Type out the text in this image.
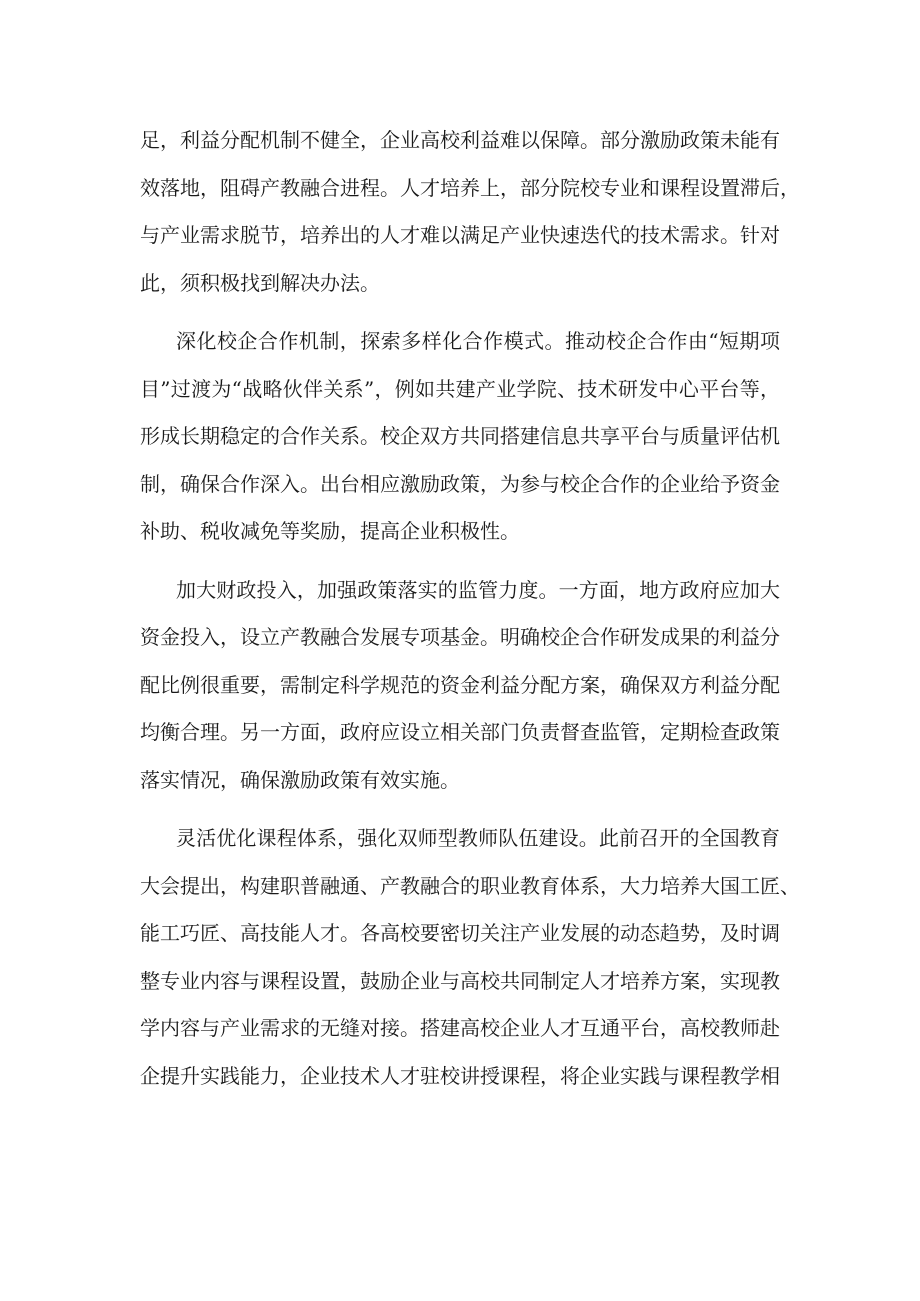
足，利益分配机制不健全，企业高校利益难以保障。部分激励政策未能有
效落地，阻碍产教融合进程。人才培养上，部分院校专业和课程设置滞后，
与产业需求脱节，培养出的人才难以满足产业快速迭代的技术需求。针对
此，须积极找到解决办法。
深化校企合作机制，探索多样化合作模式。推动校企合作由“短期项
目”过渡为“战略伙伴关系”，例如共建产业学院、技术研发中心平台等，
形成长期稳定的合作关系。校企双方共同搭建信息共享平台与质量评估机
制，确保合作深入。出台相应激励政策，为参与校企合作的企业给予资金
补助、税收减免等奖励，提高企业积极性。
加大财政投入，加强政策落实的监管力度。一方面，地方政府应加大
资金投入，设立产教融合发展专项基金。明确校企合作研发成果的利益分
配比例很重要，需制定科学规范的资金利益分配方案，确保双方利益分配
均衡合理。另一方面，政府应设立相关部门负责督查监管，定期检查政策
落实情况，确保激励政策有效实施。
灵活优化课程体系，强化双师型教师队伍建设。此前召开的全国教育
大会提出，构建职普融通、产教融合的职业教育体系，大力培养大国工匠、
能工巧匠、高技能人才。各高校要密切关注产业发展的动态趋势，及时调
整专业内容与课程设置，鼓励企业与高校共同制定人才培养方案，实现教
学内容与产业需求的无缝对接。搭建高校企业人才互通平台，高校教师赴
企提升实践能力，企业技术人才驻校讲授课程，将企业实践与课程教学相
